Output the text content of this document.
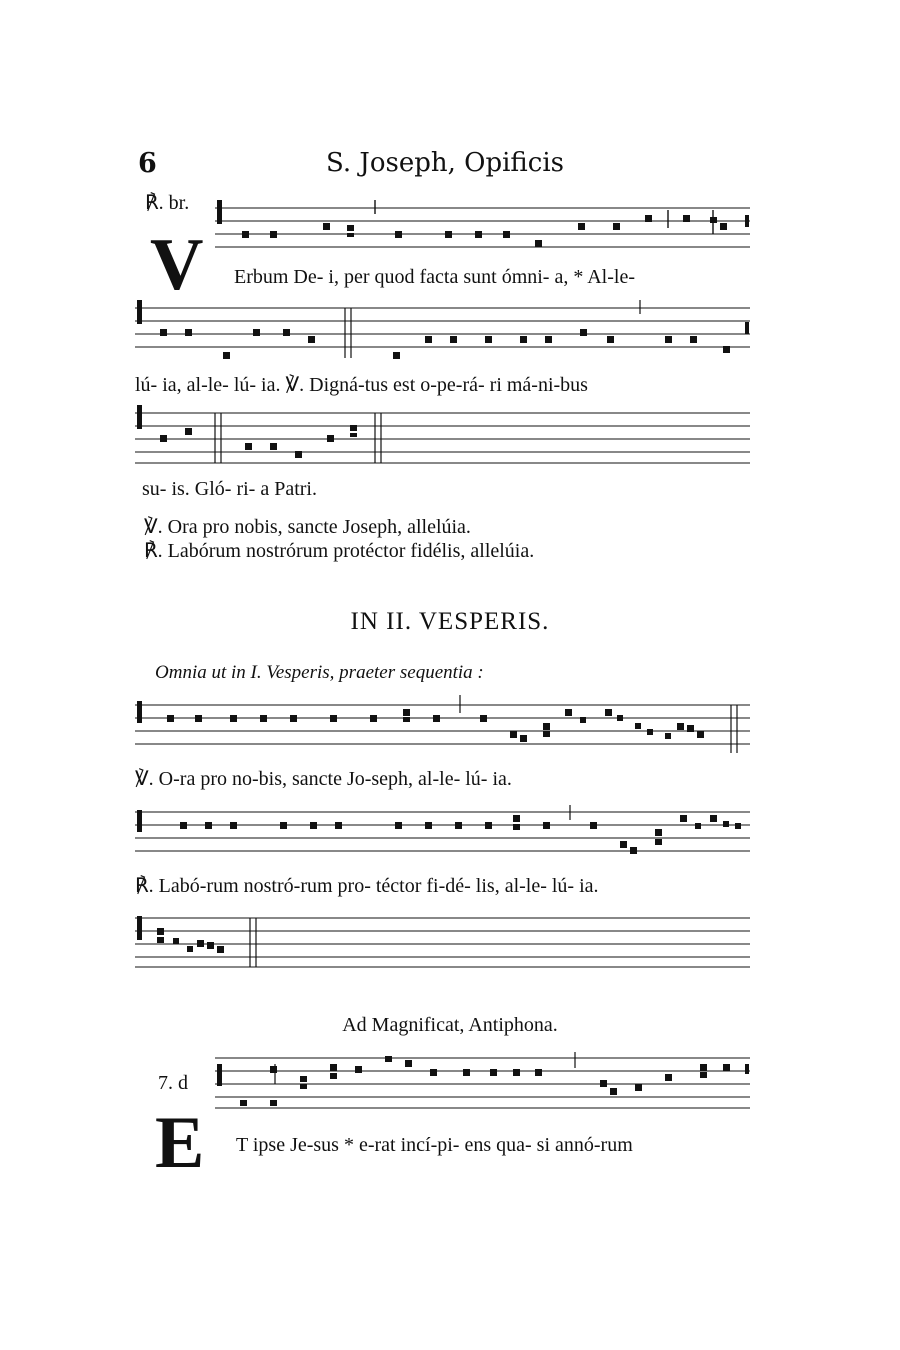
6	S. Joseph, Opificis
℟. br.
V Erbum De- i, per quod facta sunt ómni- a, * Al-le-
lú- ia, al-le- lú- ia. ℣. Digná-tus est o-pe-rá- ri má-ni-bus
su- is. Gló- ri- a Patri.
℣. Ora pro nobis, sancte Joseph, allelúia.
℟. Labórum nostrórum protéctor fidélis, allelúia.
IN II. VESPERIS.
Omnia ut in I. Vesperis, praeter sequentia :
℣. O-ra pro no-bis, sancte Jo-seph, al-le- lú- ia.
℟. Labó-rum nostró-rum pro- téctor fi-dé- lis, al-le- lú- ia.
Ad Magnificat, Antiphona.
7. d
E T ipse Je-sus * e-rat incí-pi- ens qua- si annó-rum
